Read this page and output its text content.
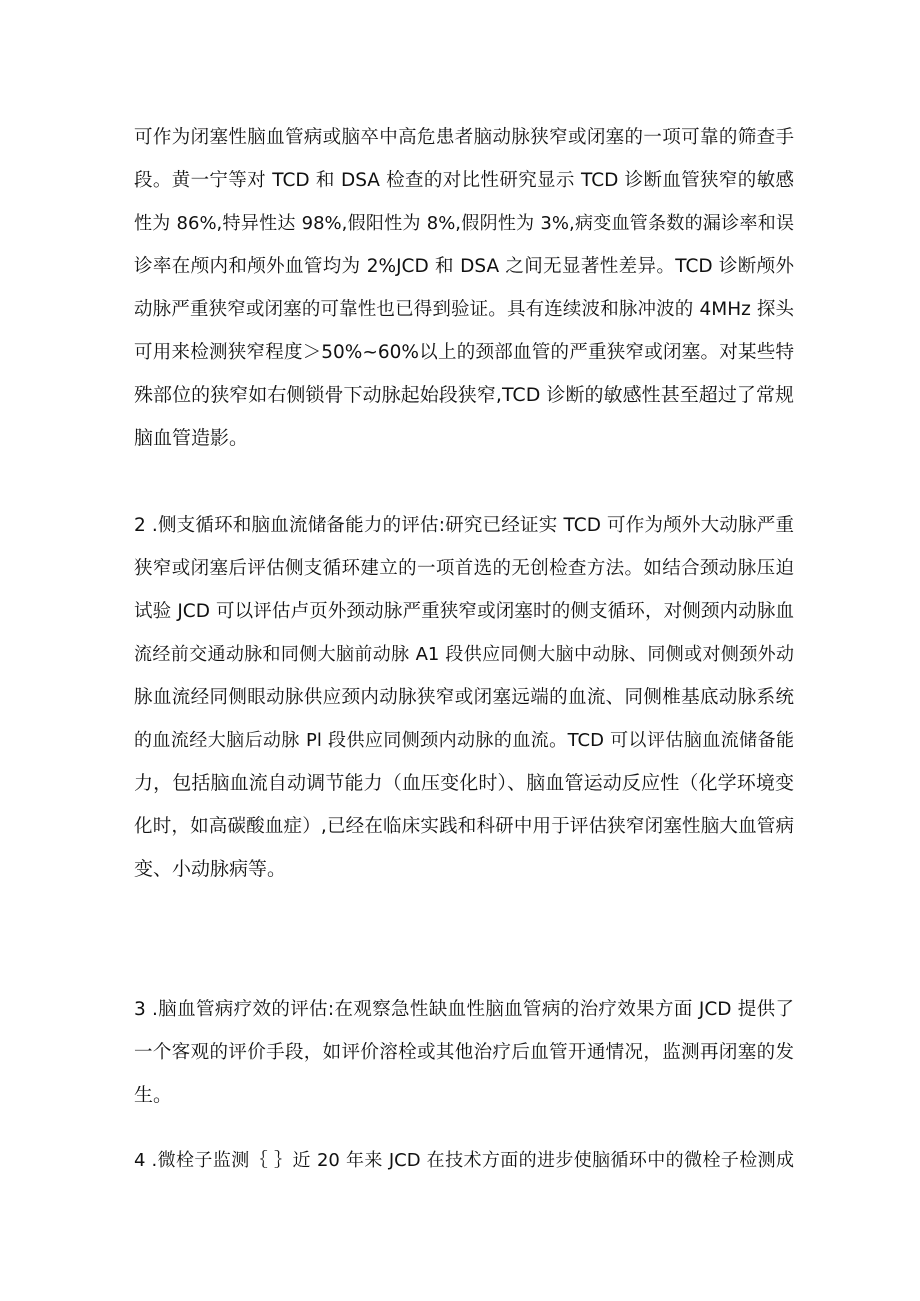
可作为闭塞性脑血管病或脑卒中高危患者脑动脉狭窄或闭塞的一项可靠的筛查手
段。黄一宁等对 TCD 和 DSA 检查的对比性研究显示 TCD 诊断血管狭窄的敏感
性为 86%,特异性达 98%,假阳性为 8%,假阴性为 3%,病变血管条数的漏诊率和误
诊率在颅内和颅外血管均为 2%JCD 和 DSA 之间无显著性差异。TCD 诊断颅外
动脉严重狭窄或闭塞的可靠性也已得到验证。具有连续波和脉冲波的 4MHz 探头
可用来检测狭窄程度＞50%~60%以上的颈部血管的严重狭窄或闭塞。对某些特
殊部位的狭窄如右侧锁骨下动脉起始段狭窄,TCD 诊断的敏感性甚至超过了常规
脑血管造影。
2 .侧支循环和脑血流储备能力的评估:研究已经证实 TCD 可作为颅外大动脉严重
狭窄或闭塞后评估侧支循环建立的一项首选的无创检查方法。如结合颈动脉压迫
试验 JCD 可以评估卢页外颈动脉严重狭窄或闭塞时的侧支循环，对侧颈内动脉血
流经前交通动脉和同侧大脑前动脉 A1 段供应同侧大脑中动脉、同侧或对侧颈外动
脉血流经同侧眼动脉供应颈内动脉狭窄或闭塞远端的血流、同侧椎基底动脉系统
的血流经大脑后动脉 Pl 段供应同侧颈内动脉的血流。TCD 可以评估脑血流储备能
力，包括脑血流自动调节能力（血压变化时）、脑血管运动反应性（化学环境变
化时，如高碳酸血症）,已经在临床实践和科研中用于评估狭窄闭塞性脑大血管病
变、小动脉病等。
3 .脑血管病疗效的评估:在观察急性缺血性脑血管病的治疗效果方面 JCD 提供了
一个客观的评价手段，如评价溶栓或其他治疗后血管开通情况，监测再闭塞的发
生。
4 .微栓子监测｛ ｝近 20 年来 JCD 在技术方面的进步使脑循环中的微栓子检测成
